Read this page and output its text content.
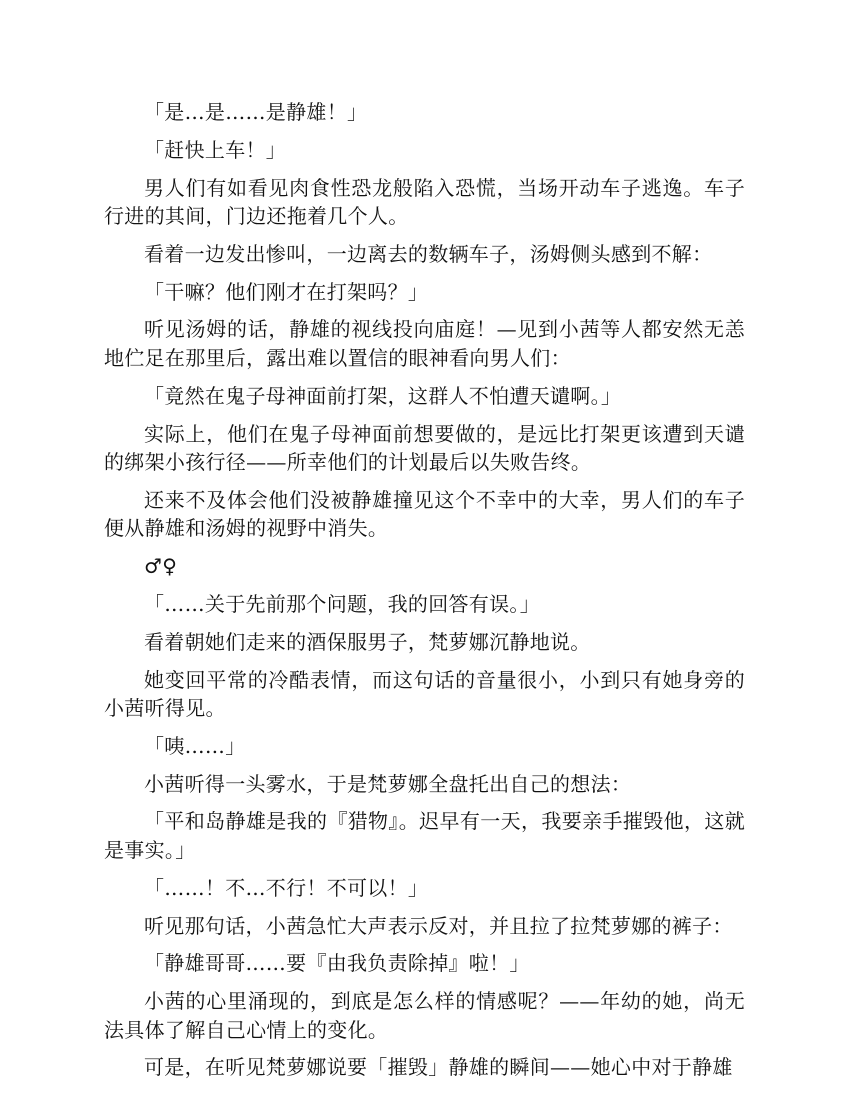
「是…是……是静雄！」

「赶快上车！」

男人们有如看见肉食性恐龙般陷入恐慌，当场开动车子逃逸。车子行进的其间，门边还拖着几个人。

看着一边发出惨叫，一边离去的数辆车子，汤姆侧头感到不解：

「干嘛？他们刚才在打架吗？」

听见汤姆的话，静雄的视线投向庙庭！—见到小茜等人都安然无恙地伫足在那里后，露出难以置信的眼神看向男人们：

「竟然在鬼子母神面前打架，这群人不怕遭天谴啊。」

实际上，他们在鬼子母神面前想要做的，是远比打架更该遭到天谴的绑架小孩行径——所幸他们的计划最后以失败告终。

还来不及体会他们没被静雄撞见这个不幸中的大幸，男人们的车子便从静雄和汤姆的视野中消失。

♂♀

「……关于先前那个问题，我的回答有误。」

看着朝她们走来的酒保服男子，梵萝娜沉静地说。

她变回平常的冷酷表情，而这句话的音量很小，小到只有她身旁的小茜听得见。

「咦……」

小茜听得一头雾水，于是梵萝娜全盘托出自己的想法：

「平和岛静雄是我的『猎物』。迟早有一天，我要亲手摧毁他，这就是事实。」

「……！不…不行！不可以！」

听见那句话，小茜急忙大声表示反对，并且拉了拉梵萝娜的裤子：

「静雄哥哥……要『由我负责除掉』啦！」

小茜的心里涌现的，到底是怎么样的情感呢？——年幼的她，尚无法具体了解自己心情上的变化。

可是，在听见梵萝娜说要「摧毁」静雄的瞬间——她心中对于静雄
